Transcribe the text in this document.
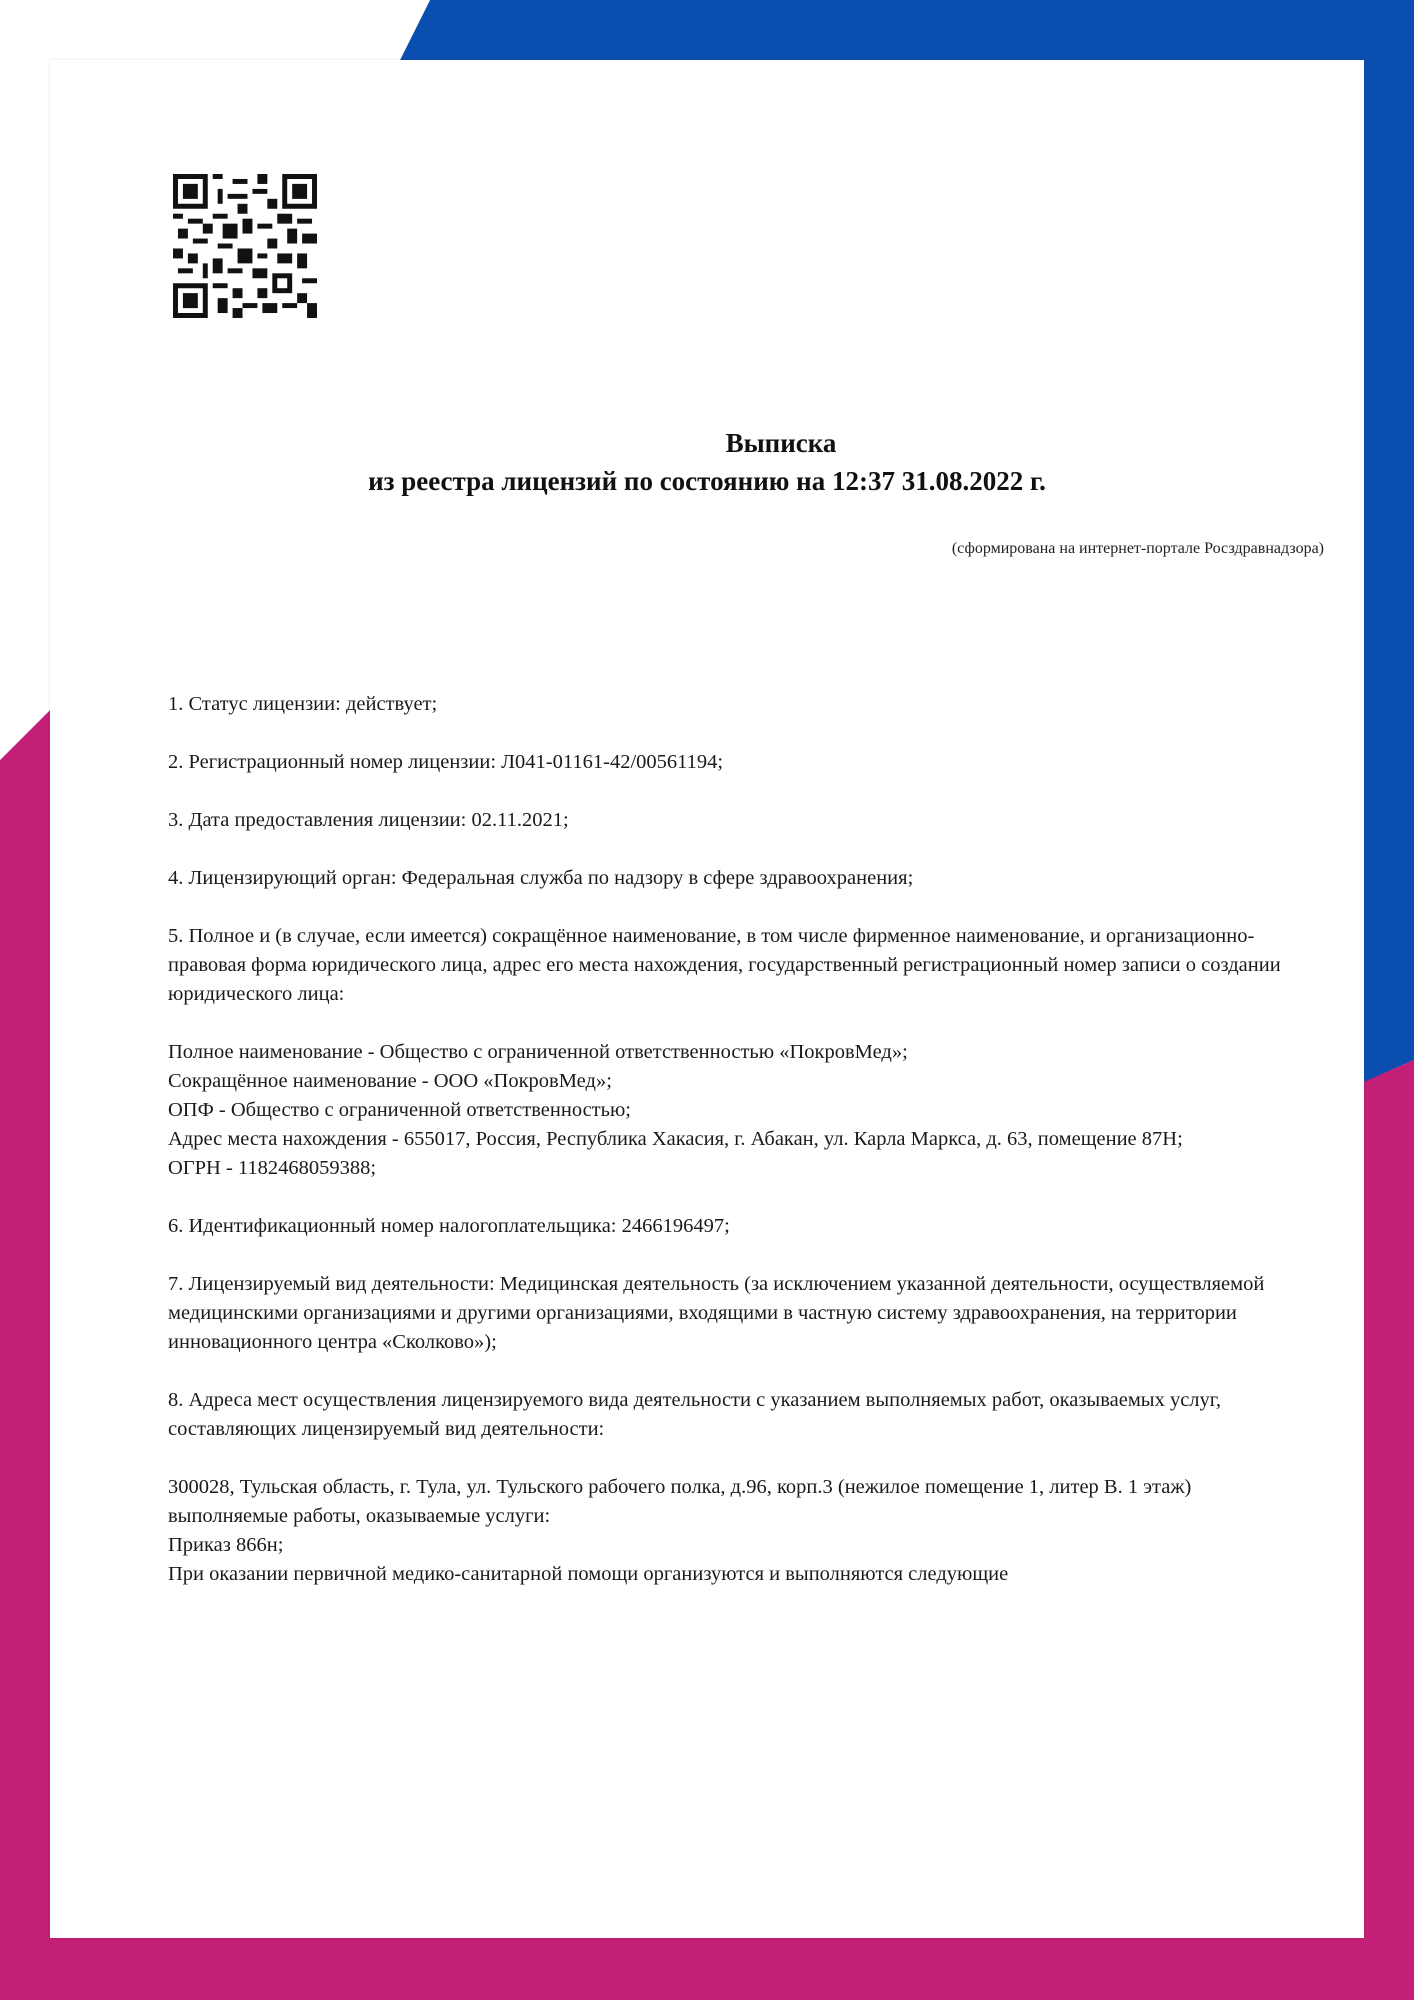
Выписка
из реестра лицензий по состоянию на 12:37 31.08.2022 г.
(сформирована на интернет-портале Росздравнадзора)

1. Статус лицензии: действует;

2. Регистрационный номер лицензии: Л041-01161-42/00561194;

3. Дата предоставления лицензии: 02.11.2021;

4. Лицензирующий орган: Федеральная служба по надзору в сфере здравоохранения;

5. Полное и (в случае, если имеется) сокращённое наименование, в том числе фирменное наименование, и организационно-правовая форма юридического лица, адрес его места нахождения, государственный регистрационный номер записи о создании юридического лица:

Полное наименование - Общество с ограниченной ответственностью «ПокровМед»;
Сокращённое наименование - ООО «ПокровМед»;
ОПФ - Общество с ограниченной ответственностью;
Адрес места нахождения - 655017, Россия, Республика Хакасия, г. Абакан, ул. Карла Маркса, д. 63, помещение 87Н;
ОГРН - 1182468059388;

6. Идентификационный номер налогоплательщика: 2466196497;

7. Лицензируемый вид деятельности: Медицинская деятельность (за исключением указанной деятельности, осуществляемой медицинскими организациями и другими организациями, входящими в частную систему здравоохранения, на территории инновационного центра «Сколково»);

8. Адреса мест осуществления лицензируемого вида деятельности с указанием выполняемых работ, оказываемых услуг, составляющих лицензируемый вид деятельности:

300028, Тульская область, г. Тула, ул. Тульского рабочего полка, д.96, корп.3 (нежилое помещение 1, литер В. 1 этаж)
выполняемые работы, оказываемые услуги:
Приказ 866н;
При оказании первичной медико-санитарной помощи организуются и выполняются следующие
